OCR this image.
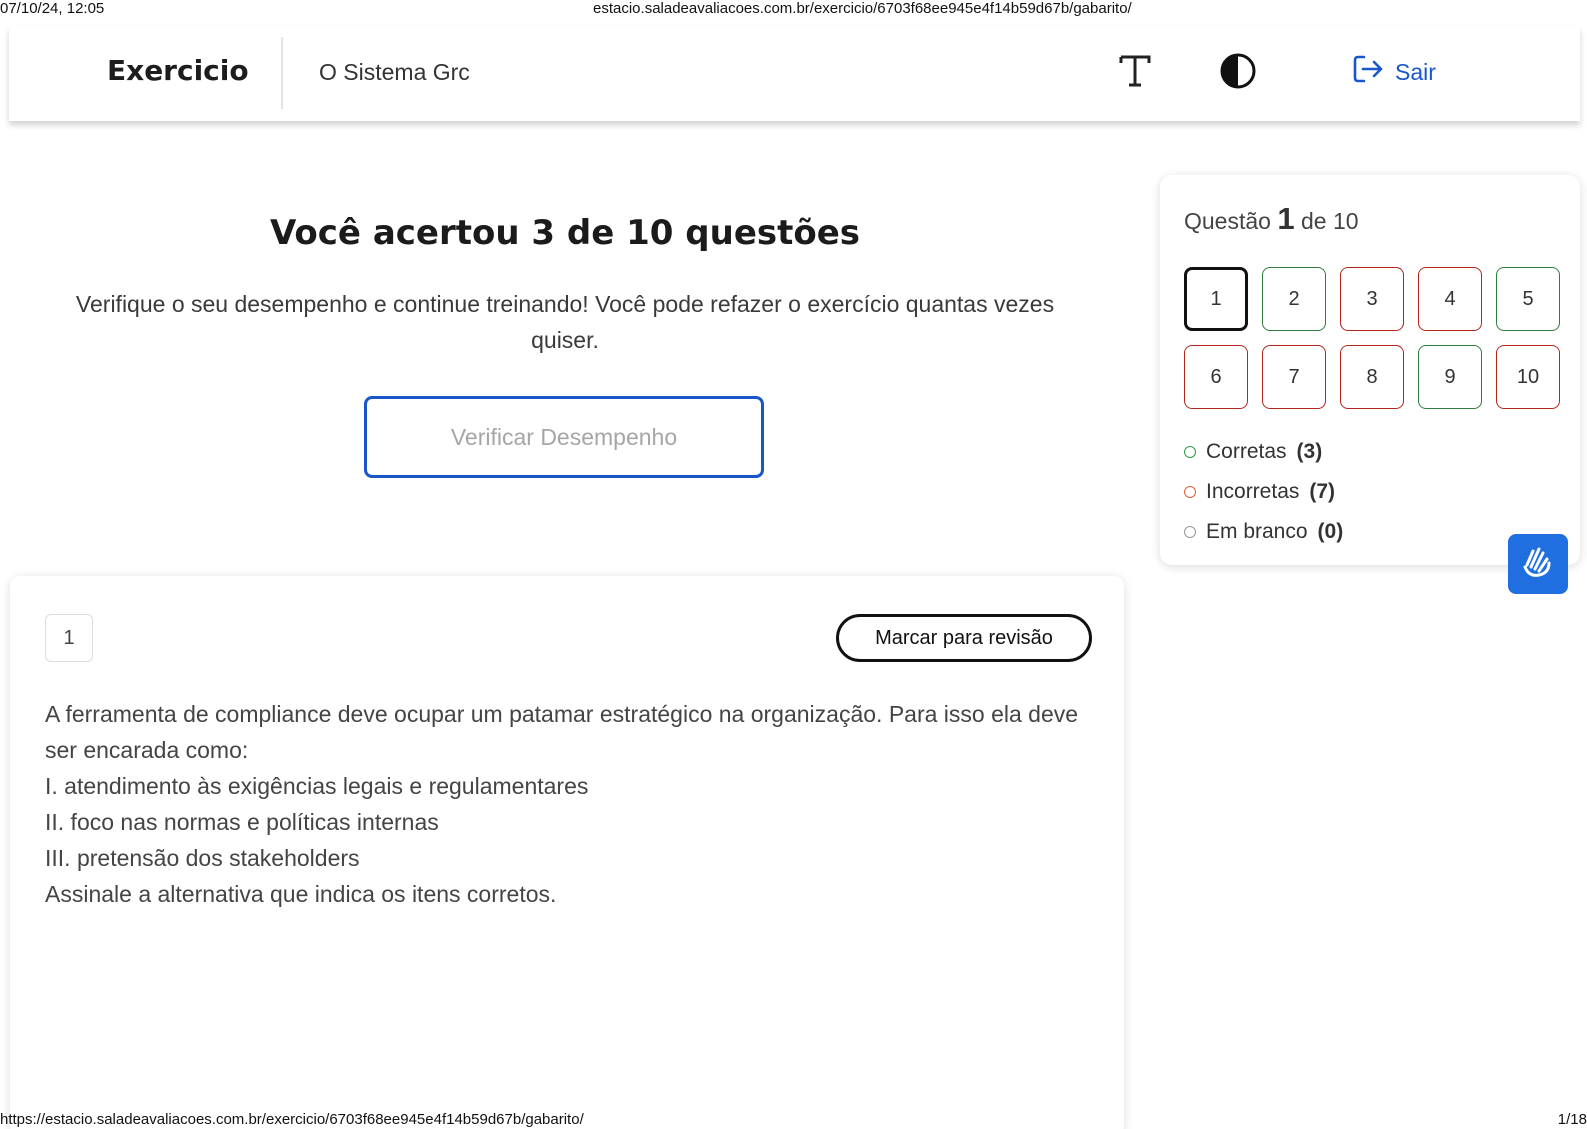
07/10/24, 12:05	estacio.saladeavaliacoes.com.br/exercicio/6703f68ee945e4f14b59d67b/gabarito/
Exercicio	O Sistema Grc	Sair
Você acertou 3 de 10 questões
Verifique o seu desempenho e continue treinando! Você pode refazer o exercício quantas vezes quiser.
Verificar Desempenho
Questão 1 de 10
1	2	3	4	5
6	7	8	9	10
Corretas (3)
Incorretas (7)
Em branco (0)
1	Marcar para revisão

A ferramenta de compliance deve ocupar um patamar estratégico na organização. Para isso ela deve ser encarada como:

I. atendimento às exigências legais e regulamentares

II. foco nas normas e políticas internas

III. pretensão dos stakeholders

Assinale a alternativa que indica os itens corretos.

https://estacio.saladeavaliacoes.com.br/exercicio/6703f68ee945e4f14b59d67b/gabarito/	1/18
